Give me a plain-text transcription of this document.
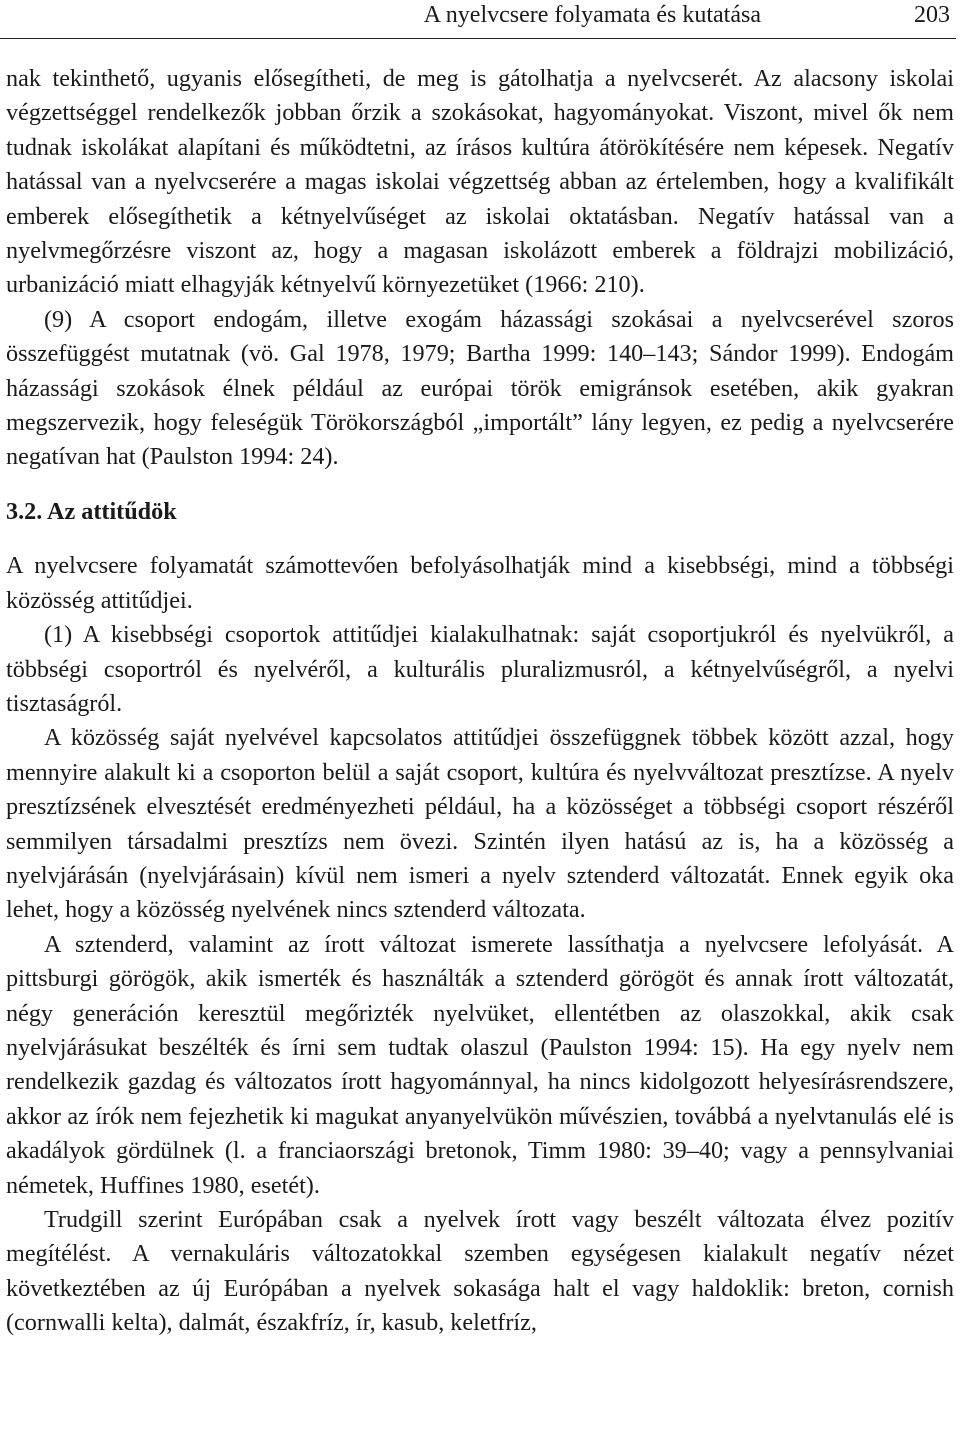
A nyelvcsere folyamata és kutatása	203

nak tekinthető, ugyanis elősegítheti, de meg is gátolhatja a nyelvcserét. Az alacsony iskolai végzettséggel rendelkezők jobban őrzik a szokásokat, hagyományokat. Viszont, mivel ők nem tudnak iskolákat alapítani és működtetni, az írásos kultúra átörökítésére nem képesek. Negatív hatással van a nyelvcserére a magas iskolai végzettség abban az értelemben, hogy a kvalifikált emberek elősegíthetik a kétnyelvűséget az iskolai oktatásban. Negatív hatással van a nyelvmegőrzésre viszont az, hogy a magasan iskolázott emberek a földrajzi mobilizáció, urbanizáció miatt elhagyják kétnyelvű környezetüket (1966: 210).

(9) A csoport endogám, illetve exogám házassági szokásai a nyelvcserével szoros összefüggést mutatnak (vö. Gal 1978, 1979; Bartha 1999: 140–143; Sándor 1999). Endogám házassági szokások élnek például az európai török emigránsok esetében, akik gyakran megszervezik, hogy feleségük Törökországból „importált” lány legyen, ez pedig a nyelvcserére negatívan hat (Paulston 1994: 24).

3.2. Az attitűdök

A nyelvcsere folyamatát számottevően befolyásolhatják mind a kisebbségi, mind a többségi közösség attitűdjei.

(1) A kisebbségi csoportok attitűdjei kialakulhatnak: saját csoportjukról és nyelvükről, a többségi csoportról és nyelvéről, a kulturális pluralizmusról, a kétnyelvűségről, a nyelvi tisztaságról.

A közösség saját nyelvével kapcsolatos attitűdjei összefüggnek többek között azzal, hogy mennyire alakult ki a csoporton belül a saját csoport, kultúra és nyelvváltozat presztízse. A nyelv presztízsének elvesztését eredményezheti például, ha a közösséget a többségi csoport részéről semmilyen társadalmi presztízs nem övezi. Szintén ilyen hatású az is, ha a közösség a nyelvjárásán (nyelvjárásain) kívül nem ismeri a nyelv sztenderd változatát. Ennek egyik oka lehet, hogy a közösség nyelvének nincs sztenderd változata.

A sztenderd, valamint az írott változat ismerete lassíthatja a nyelvcsere lefolyását. A pittsburgi görögök, akik ismerték és használták a sztenderd görögöt és annak írott változatát, négy generáción keresztül megőrizték nyelvüket, ellentétben az olaszokkal, akik csak nyelvjárásukat beszélték és írni sem tudtak olaszul (Paulston 1994: 15). Ha egy nyelv nem rendelkezik gazdag és változatos írott hagyománnyal, ha nincs kidolgozott helyesírásrendszere, akkor az írók nem fejezhetik ki magukat anyanyelvükön művészien, továbbá a nyelvtanulás elé is akadályok gördülnek (l. a franciaországi bretonok, Timm 1980: 39–40; vagy a pennsylvaniai németek, Huffines 1980, esetét).

Trudgill szerint Európában csak a nyelvek írott vagy beszélt változata élvez pozitív megítélést. A vernakuláris változatokkal szemben egységesen kialakult negatív nézet következtében az új Európában a nyelvek sokasága halt el vagy haldoklik: breton, cornish (cornwalli kelta), dalmát, északfríz, ír, kasub, keletfríz,
